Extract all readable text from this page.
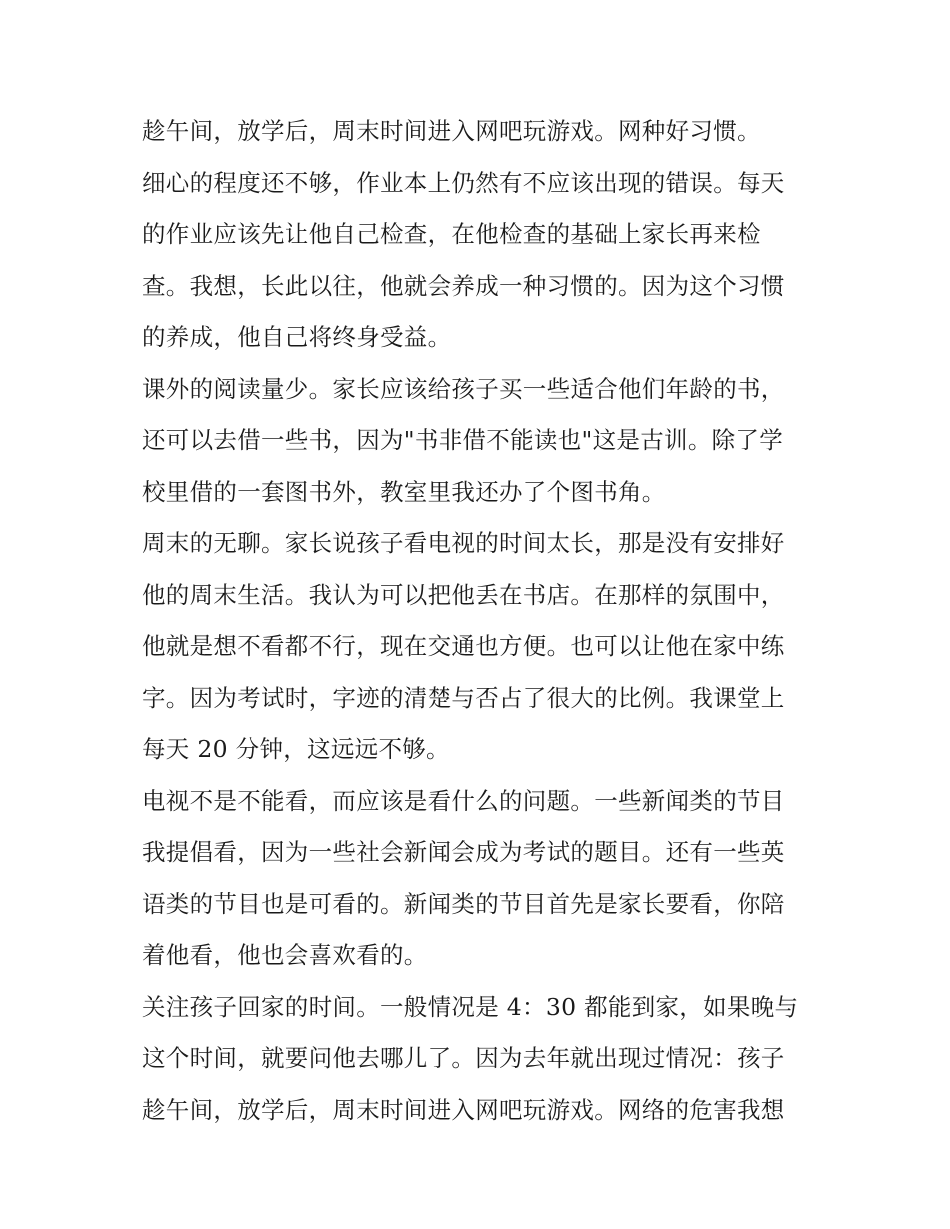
趁午间，放学后，周末时间进入网吧玩游戏。网种好习惯。
细心的程度还不够，作业本上仍然有不应该出现的错误。每天
的作业应该先让他自己检查，在他检查的基础上家长再来检
查。我想，长此以往，他就会养成一种习惯的。因为这个习惯
的养成，他自己将终身受益。
课外的阅读量少。家长应该给孩子买一些适合他们年龄的书，
还可以去借一些书，因为"书非借不能读也"这是古训。除了学
校里借的一套图书外，教室里我还办了个图书角。
周末的无聊。家长说孩子看电视的时间太长，那是没有安排好
他的周末生活。我认为可以把他丢在书店。在那样的氛围中，
他就是想不看都不行，现在交通也方便。也可以让他在家中练
字。因为考试时，字迹的清楚与否占了很大的比例。我课堂上
每天 20 分钟，这远远不够。
电视不是不能看，而应该是看什么的问题。一些新闻类的节目
我提倡看，因为一些社会新闻会成为考试的题目。还有一些英
语类的节目也是可看的。新闻类的节目首先是家长要看，你陪
着他看，他也会喜欢看的。
关注孩子回家的时间。一般情况是 4：30 都能到家，如果晚与
这个时间，就要问他去哪儿了。因为去年就出现过情况：孩子
趁午间，放学后，周末时间进入网吧玩游戏。网络的危害我想
